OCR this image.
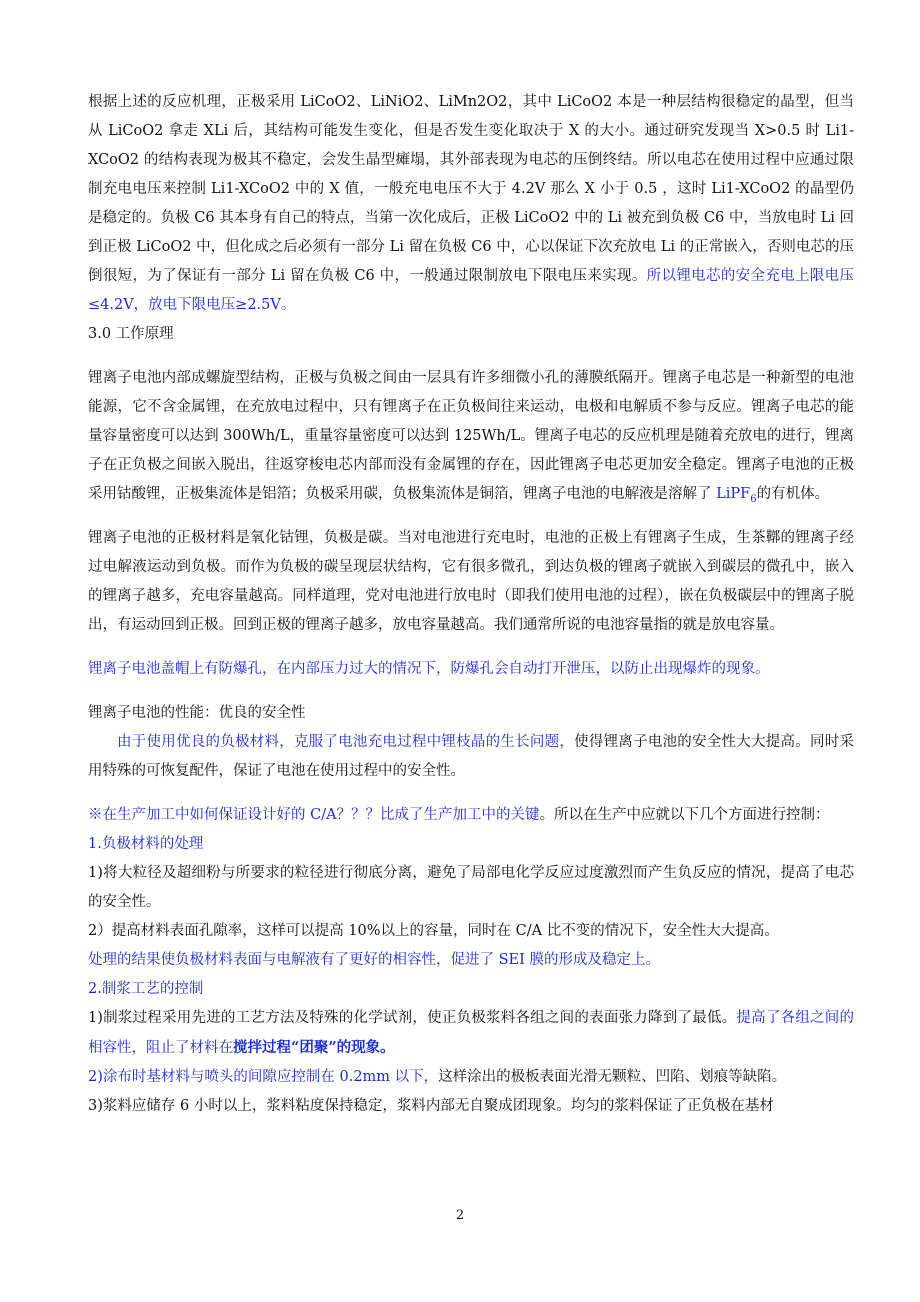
根据上述的反应机理，正极采用 LiCoO2、LiNiO2、LiMn2O2，其中 LiCoO2 本是一种层结构很稳定的晶型，但当从 LiCoO2 拿走 XLi 后，其结构可能发生变化，但是否发生变化取决于 X 的大小。通过研究发现当 X>0.5 时 Li1-XCoO2 的结构表现为极其不稳定，会发生晶型瘫塌，其外部表现为电芯的压倒终结。所以电芯在使用过程中应通过限制充电电压来控制 Li1-XCoO2 中的 X 值，一般充电电压不大于 4.2V 那么 X 小于 0.5 ，这时 Li1-XCoO2 的晶型仍是稳定的。负极 C6 其本身有自己的特点，当第一次化成后，正极 LiCoO2 中的 Li 被充到负极 C6 中，当放电时 Li 回到正极 LiCoO2 中，但化成之后必须有一部分 Li 留在负极 C6 中，心以保证下次充放电 Li 的正常嵌入，否则电芯的压倒很短，为了保证有一部分 Li 留在负极 C6 中，一般通过限制放电下限电压来实现。所以锂电芯的安全充电上限电压≤4.2V，放电下限电压≥2.5V。

3.0 工作原理

锂离子电池内部成螺旋型结构，正极与负极之间由一层具有许多细微小孔的薄膜纸隔开。锂离子电芯是一种新型的电池能源，它不含金属锂，在充放电过程中，只有锂离子在正负极间往来运动，电极和电解质不参与反应。锂离子电芯的能量容量密度可以达到 300Wh/L，重量容量密度可以达到 125Wh/L。锂离子电芯的反应机理是随着充放电的进行，锂离子在正负极之间嵌入脱出，往返穿梭电芯内部而没有金属锂的存在，因此锂离子电芯更加安全稳定。锂离子电池的正极采用钴酸锂，正极集流体是铝箔；负极采用碳，负极集流体是铜箔，锂离子电池的电解液是溶解了 LiPF$_6$的有机体。

锂离子电池的正极材料是氧化钴锂，负极是碳。当对电池进行充电时，电池的正极上有锂离子生成，生茶鞹的锂离子经过电解液运动到负极。而作为负极的碳呈现层状结构，它有很多微孔，到达负极的锂离子就嵌入到碳层的微孔中，嵌入的锂离子越多，充电容量越高。同样道理，党对电池进行放电时（即我们使用电池的过程），嵌在负极碳层中的锂离子脱出，有运动回到正极。回到正极的锂离子越多，放电容量越高。我们通常所说的电池容量指的就是放电容量。

锂离子电池盖帽上有防爆孔，在内部压力过大的情况下，防爆孔会自动打开泄压，以防止出现爆炸的现象。

锂离子电池的性能：优良的安全性

由于使用优良的负极材料，克服了电池充电过程中锂枝晶的生长问题，使得锂离子电池的安全性大大提高。同时采用特殊的可恢复配件，保证了电池在使用过程中的安全性。

※在生产加工中如何保证设计好的 C/A？？？比成了生产加工中的关键。所以在生产中应就以下几个方面进行控制：

1.负极材料的处理

1)将大粒径及超细粉与所要求的粒径进行彻底分离，避免了局部电化学反应过度激烈而产生负反应的情况，提高了电芯的安全性。

2）提高材料表面孔隙率，这样可以提高 10%以上的容量，同时在 C/A 比不变的情况下，安全性大大提高。

处理的结果使负极材料表面与电解液有了更好的相容性，促进了 SEI 膜的形成及稳定上。

2.制浆工艺的控制

1)制浆过程采用先进的工艺方法及特殊的化学试剂，使正负极浆料各组之间的表面张力降到了最低。提高了各组之间的相容性，阻止了材料在搅拌过程“团聚”的现象。

2)涂布时基材料与喷头的间隙应控制在 0.2mm 以下，这样涂出的极板表面光滑无颗粒、凹陷、划痕等缺陷。

3)浆料应储存 6 小时以上，浆料粘度保持稳定，浆料内部无自聚成团现象。均匀的浆料保证了正负极在基材

2
